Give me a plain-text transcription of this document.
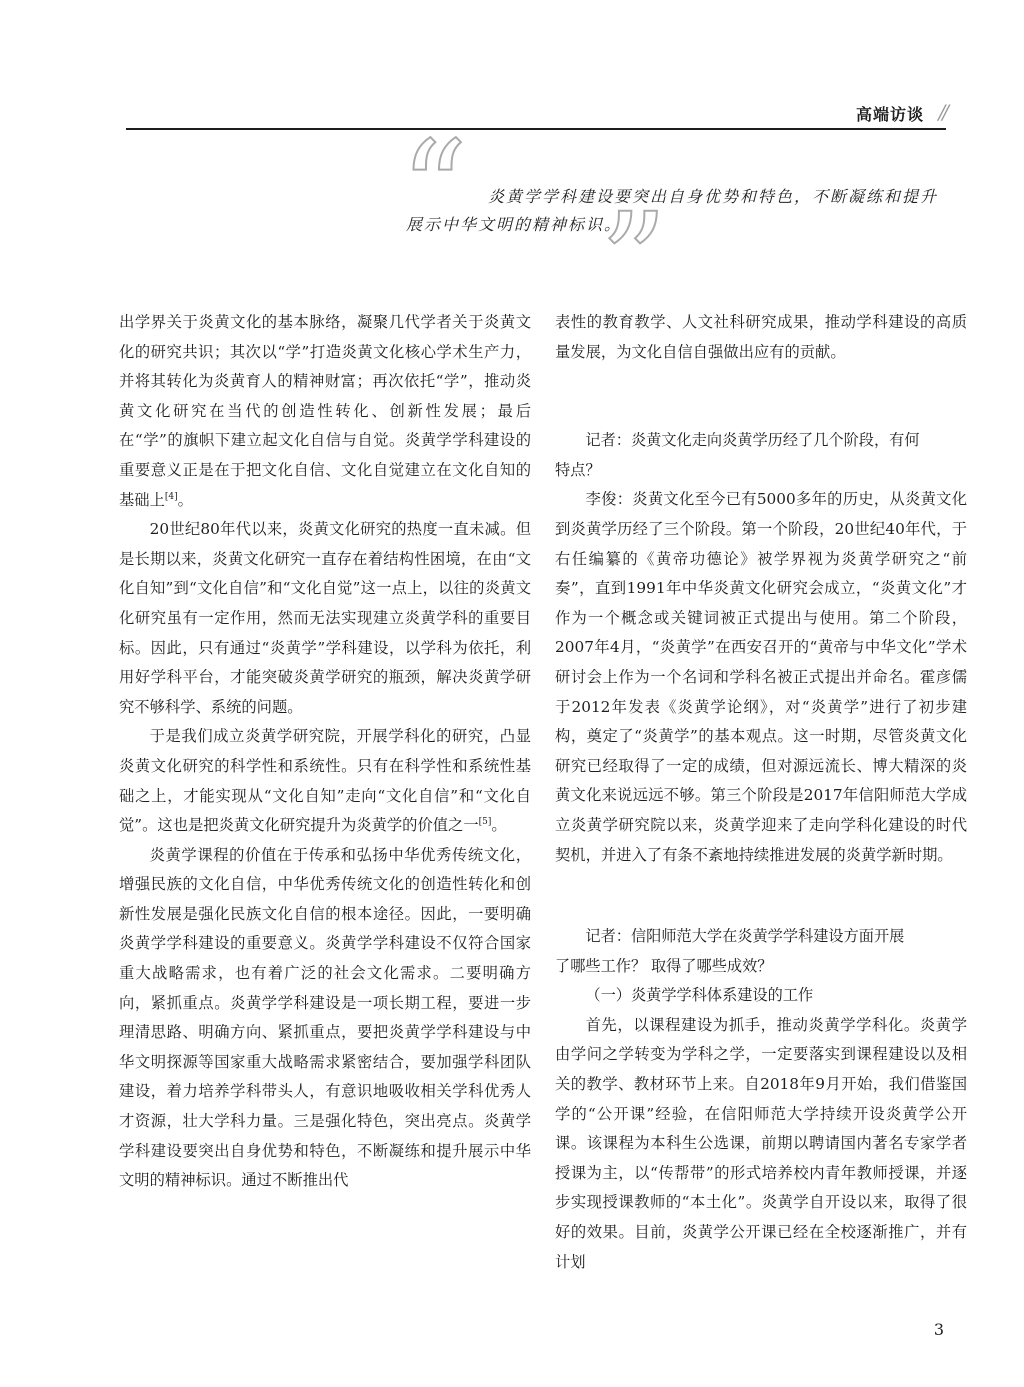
高端访谈 //
“ ”
炎黄学学科建设要突出自身优势和特色，不断凝练和提升展示中华文明的精神标识。

出学界关于炎黄文化的基本脉络，凝聚几代学者关于炎黄文化的研究共识；其次以“学”打造炎黄文化核心学术生产力，并将其转化为炎黄育人的精神财富；再次依托“学”，推动炎黄文化研究在当代的创造性转化、创新性发展；最后在“学”的旗帜下建立起文化自信与自觉。炎黄学学科建设的重要意义正是在于把文化自信、文化自觉建立在文化自知的基础上[4]。

20世纪80年代以来，炎黄文化研究的热度一直未减。但是长期以来，炎黄文化研究一直存在着结构性困境，在由“文化自知”到“文化自信”和“文化自觉”这一点上，以往的炎黄文化研究虽有一定作用，然而无法实现建立炎黄学科的重要目标。因此，只有通过“炎黄学”学科建设，以学科为依托，利用好学科平台，才能突破炎黄学研究的瓶颈，解决炎黄学研究不够科学、系统的问题。

于是我们成立炎黄学研究院，开展学科化的研究，凸显炎黄文化研究的科学性和系统性。只有在科学性和系统性基础之上，才能实现从“文化自知”走向“文化自信”和“文化自觉”。这也是把炎黄文化研究提升为炎黄学的价值之一[5]。

炎黄学课程的价值在于传承和弘扬中华优秀传统文化，增强民族的文化自信，中华优秀传统文化的创造性转化和创新性发展是强化民族文化自信的根本途径。因此，一要明确炎黄学学科建设的重要意义。炎黄学学科建设不仅符合国家重大战略需求，也有着广泛的社会文化需求。二要明确方向，紧抓重点。炎黄学学科建设是一项长期工程，要进一步理清思路、明确方向、紧抓重点，要把炎黄学学科建设与中华文明探源等国家重大战略需求紧密结合，要加强学科团队建设，着力培养学科带头人，有意识地吸收相关学科优秀人才资源，壮大学科力量。三是强化特色，突出亮点。炎黄学学科建设要突出自身优势和特色，不断凝练和提升展示中华文明的精神标识。通过不断推出代

表性的教育教学、人文社科研究成果，推动学科建设的高质量发展，为文化自信自强做出应有的贡献。

记者：炎黄文化走向炎黄学历经了几个阶段，有何

特点？

李俊：炎黄文化至今已有5000多年的历史，从炎黄文化到炎黄学历经了三个阶段。第一个阶段，20世纪40年代，于右任编纂的《黄帝功德论》被学界视为炎黄学研究之“前奏”，直到1991年中华炎黄文化研究会成立，“炎黄文化”才作为一个概念或关键词被正式提出与使用。第二个阶段，2007年4月，“炎黄学”在西安召开的“黄帝与中华文化”学术研讨会上作为一个名词和学科名被正式提出并命名。霍彦儒于2012年发表《炎黄学论纲》，对“炎黄学”进行了初步建构，奠定了“炎黄学”的基本观点。这一时期，尽管炎黄文化研究已经取得了一定的成绩，但对源远流长、博大精深的炎黄文化来说远远不够。第三个阶段是2017年信阳师范大学成立炎黄学研究院以来，炎黄学迎来了走向学科化建设的时代契机，并进入了有条不紊地持续推进发展的炎黄学新时期。

记者：信阳师范大学在炎黄学学科建设方面开展

了哪些工作？ 取得了哪些成效？

（一）炎黄学学科体系建设的工作

首先，以课程建设为抓手，推动炎黄学学科化。炎黄学由学问之学转变为学科之学，一定要落实到课程建设以及相关的教学、教材环节上来。自2018年9月开始，我们借鉴国学的“公开课”经验，在信阳师范大学持续开设炎黄学公开课。该课程为本科生公选课，前期以聘请国内著名专家学者授课为主，以“传帮带”的形式培养校内青年教师授课，并逐步实现授课教师的“本土化”。炎黄学自开设以来，取得了很好的效果。目前，炎黄学公开课已经在全校逐渐推广，并有计划

3
